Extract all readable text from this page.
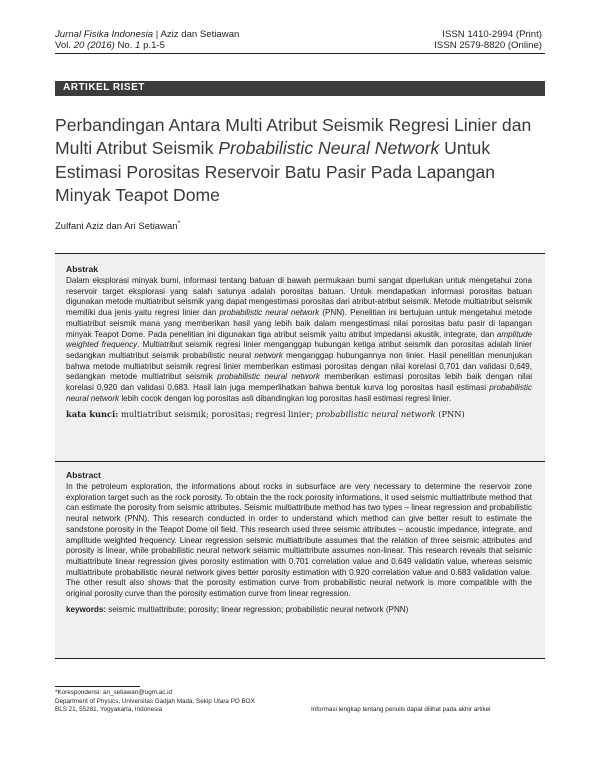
Jurnal Fisika Indonesia | Aziz dan Setiawan
Vol. 20 (2016) No. 1 p.1-5
ISSN 1410-2994 (Print)
ISSN 2579-8820 (Online)
ARTIKEL RISET
Perbandingan Antara Multi Atribut Seismik Regresi Linier dan Multi Atribut Seismik Probabilistic Neural Network Untuk Estimasi Porositas Reservoir Batu Pasir Pada Lapangan Minyak Teapot Dome
Zulfani Aziz dan Ari Setiawan*

Abstrak

Dalam eksplorasi minyak bumi, informasi tentang batuan di bawah permukaan bumi sangat diperlukan untuk mengetahui zona reservoir target eksplorasi yang salah satunya adalah porositas batuan. Untuk mendapatkan informasi porositas batuan digunakan metode multiatribut seismik yang dapat mengestimasi porositas dari atribut-atribut seismik. Metode multiatribut seismik memiliki dua jenis yaitu regresi linier dan probabilistic neural network (PNN). Penelitian ini bertujuan untuk mengetahui metode multiatribut seismik mana yang memberikan hasil yang lebih baik dalam mengestimasi nilai porositas batu pasir di lapangan minyak Teapot Dome. Pada penelitian ini digunakan tiga atribut seismik yaitu atribut impedansi akustik, integrate, dan amplitude weighted frequency. Multiatribut seismik regresi linier menganggap hubungan ketiga atribut seismik dan porositas adalah linier sedangkan multiatribut seismik probabilistic neural network menganggap hubungannya non linier. Hasil penelitian menunjukan bahwa metode multiatribut seismik regresi linier memberikan estimasi porositas dengan nilai korelasi 0,701 dan validasi 0,649, sedangkan metode multiatribut seismik probabilistic neural network memberikan estimasi porositas lebih baik dengan nilai korelasi 0,920 dan validasi 0,683. Hasil lain juga memperlihatkan bahwa bentuk kurva log porositas hasil estimasi probabilistic neural network lebih cocok dengan log porositas asli dibandingkan log porositas hasil estimasi regresi linier.

kata kunci: multiatribut seismik; porositas; regresi linier; probabilistic neural network (PNN)

Abstract

In the petroleum exploration, the informations about rocks in subsurface are very necessary to determine the reservoir zone exploration target such as the rock porosity. To obtain the the rock porosity informations, it used seismic multiattribute method that can estimate the porosity from seismic attributes. Seismic multiattribute method has two types – linear regression and probabilistic neural network (PNN). This research conducted in order to understand which method can give better result to estimate the sandstone porosity in the Teapot Dome oil field. This research used three seismic attributes – acoustic impedance, integrate, and amplitude weighted frequency. Linear regression seismic multiattribute assumes that the relation of three seismic attributes and porosity is linear, while probabilistic neural network seismic multiattribute assumes non-linear. This research reveals that seismic multiattribute linear regression gives porosity estimation with 0.701 correlation value and 0.649 validatin value, whereas seismic multiattribute probabilistic neural network gives better porosity estimation with 0.920 correlation value and 0.683 validation value. The other result also shows that the porosity estimation curve from probabilistic neural network is more compatible with the original porosity curve than the porosity estimation curve from linear regression.

keywords: seismic multiattribute; porosity; linear regression; probabilistic neural network (PNN)

*Korespondensi: ari_setiawan@ugm.ac.id
Department of Physics, Universitas Gadjah Mada, Sekip Utara PO BOX
BLS 21, 55281, Yogyakarta, Indonesia	Informasi lengkap tentang penulis dapat dilihat pada akhir artikel
